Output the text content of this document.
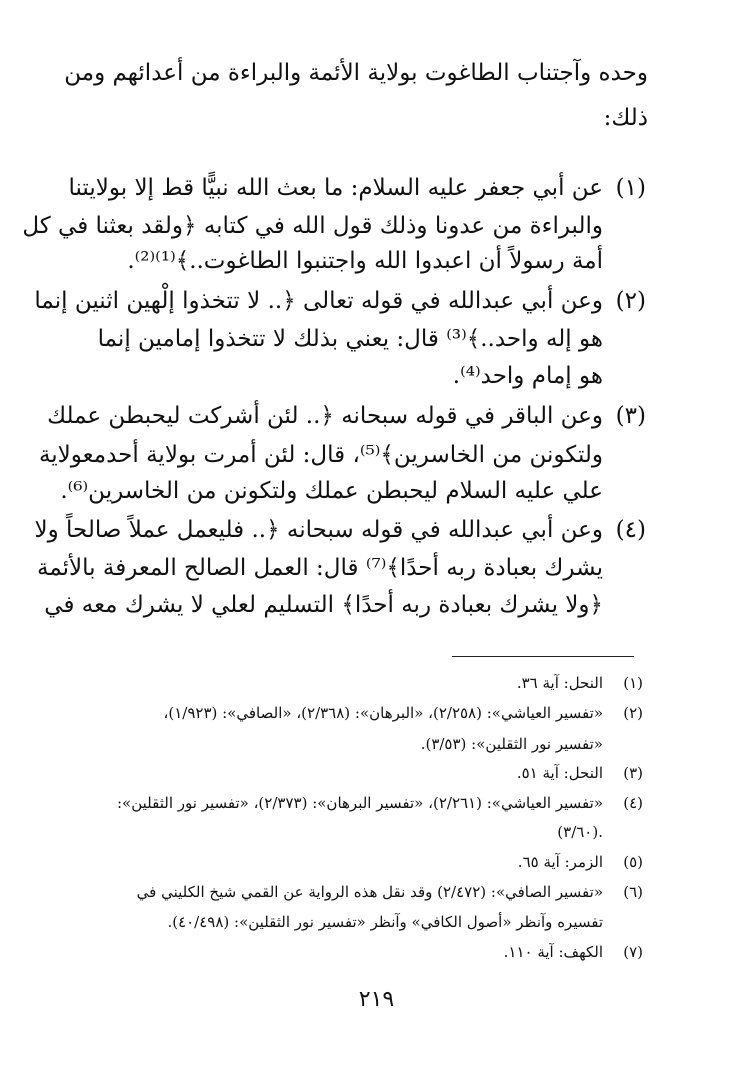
وحده وآجتناب الطاغوت بولاية الأئمة والبراءة من أعدائهم ومن
ذلك:
(١)
عن أبي جعفر عليه السلام: ما بعث الله نبيًّا قط إلا بولايتنا
والبراءة من عدونا وذلك قول الله في كتابه ﴿ولقد بعثنا في كل
أمة رسولاً أن اعبدوا الله واجتنبوا الطاغوت..﴾⁽¹⁾⁽²⁾.
(٢)
وعن أبي عبدالله في قوله تعالى ﴿.. لا تتخذوا إلْهين اثنين إنما
هو إله واحد..﴾⁽³⁾ قال: يعني بذلك لا تتخذوا إمامين إنما
هو إمام واحد⁽⁴⁾.
(٣)
وعن الباقر في قوله سبحانه ﴿.. لئن أشركت ليحبطن عملك
ولتكونن من الخاسرين﴾⁽⁵⁾، قال: لئن أمرت بولاية أحدمعولاية
علي عليه السلام ليحبطن عملك ولتكونن من الخاسرين⁽⁶⁾.
(٤)
وعن أبي عبدالله في قوله سبحانه ﴿.. فليعمل عملاً صالحاً ولا
يشرك بعبادة ربه أحدًا﴾⁽⁷⁾ قال: العمل الصالح المعرفة بالأئمة
﴿ولا يشرك بعبادة ربه أحدًا﴾ التسليم لعلي لا يشرك معه في
(١)
النحل: آية ٣٦.
(٢)
«تفسير العياشي»: (٢/٢٥٨)، «البرهان»: (٢/٣٦٨)، «الصافي»: (١/٩٢٣)،
«تفسير نور الثقلين»: (٣/٥٣).
(٣)
النحل: آية ٥١.
(٤)
«تفسير العياشي»: (٢/٢٦١)، «تفسير البرهان»: (٢/٣٧٣)، «تفسير نور الثقلين»:
(٣/٦٠).
(٥)
الزمر: آية ٦٥.
(٦)
«تفسير الصافي»: (٢/٤٧٢) وقد نقل هذه الرواية عن القمي شيخ الكليني في
تفسيره وآنظر «أصول الكافي» وآنظر «تفسير نور الثقلين»: (٤٠/٤٩٨).
(٧)
الكهف: آية ١١٠.
٢١٩
